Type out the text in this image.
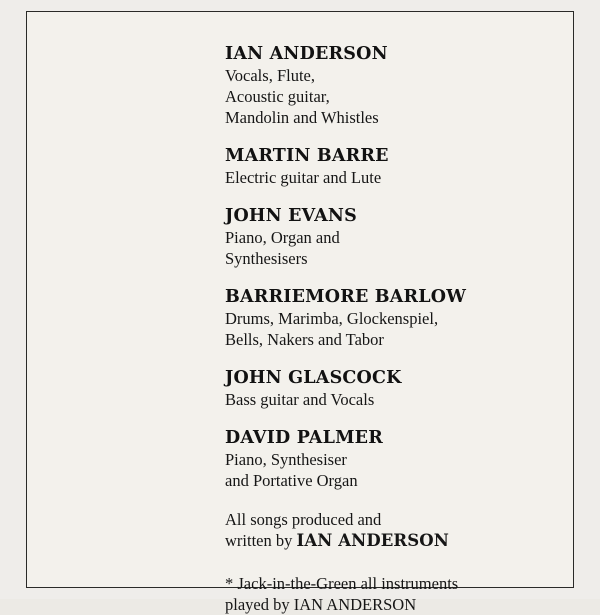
IAN ANDERSON
Vocals, Flute,
Acoustic guitar,
Mandolin and Whistles
MARTIN BARRE
Electric guitar and Lute
JOHN EVANS
Piano, Organ and
Synthesisers
BARRIEMORE BARLOW
Drums, Marimba, Glockenspiel,
Bells, Nakers and Tabor
JOHN GLASCOCK
Bass guitar and Vocals
DAVID PALMER
Piano, Synthesiser
and Portative Organ
All songs produced and
written by IAN ANDERSON
* Jack-in-the-Green all instruments
played by IAN ANDERSON
